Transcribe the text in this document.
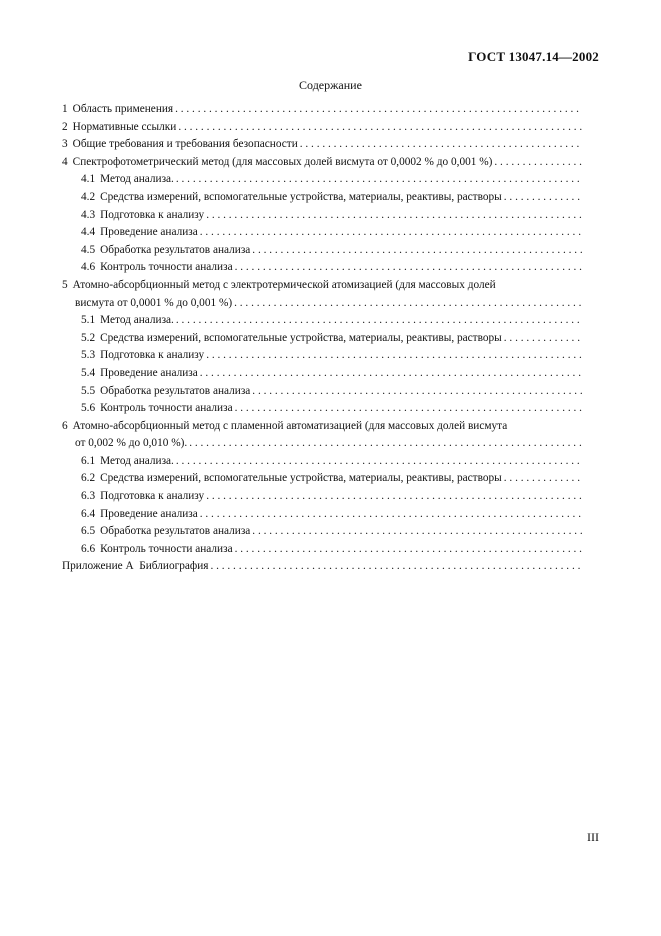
ГОСТ 13047.14—2002
Содержание
1 Область применения
. . .
2 Нормативные ссылки
. . .
3 Общие требования и требования безопасности
. . .
4 Спектрофотометрический метод (для массовых долей висмута от 0,0002 % до 0,001 %)
. . .
4.1 Метод анализа.
. . .
4.2 Средства измерений, вспомогательные устройства, материалы, реактивы, растворы
. . .
4.3 Подготовка к анализу
. . .
4.4 Проведение анализа
. . .
4.5 Обработка результатов анализа
. . .
4.6 Контроль точности анализа
. . .
5 Атомно-абсорбционный метод с электротермической атомизацией (для массовых долей
висмута от 0,0001 % до 0,001 %)
. . .
5.1 Метод анализа.
. . .
5.2 Средства измерений, вспомогательные устройства, материалы, реактивы, растворы
. . .
5.3 Подготовка к анализу
. . .
5.4 Проведение анализа
. . .
5.5 Обработка результатов анализа
. . .
5.6 Контроль точности анализа
. . .
6 Атомно-абсорбционный метод с пламенной автоматизацией (для массовых долей висмута
от 0,002 % до 0,010 %).
. . .
6.1 Метод анализа.
. . .
6.2 Средства измерений, вспомогательные устройства, материалы, реактивы, растворы
. . .
6.3 Подготовка к анализу
. . .
6.4 Проведение анализа
. . .
6.5 Обработка результатов анализа
. . .
6.6 Контроль точности анализа
. . .
Приложение А  Библиография
. . .
III
